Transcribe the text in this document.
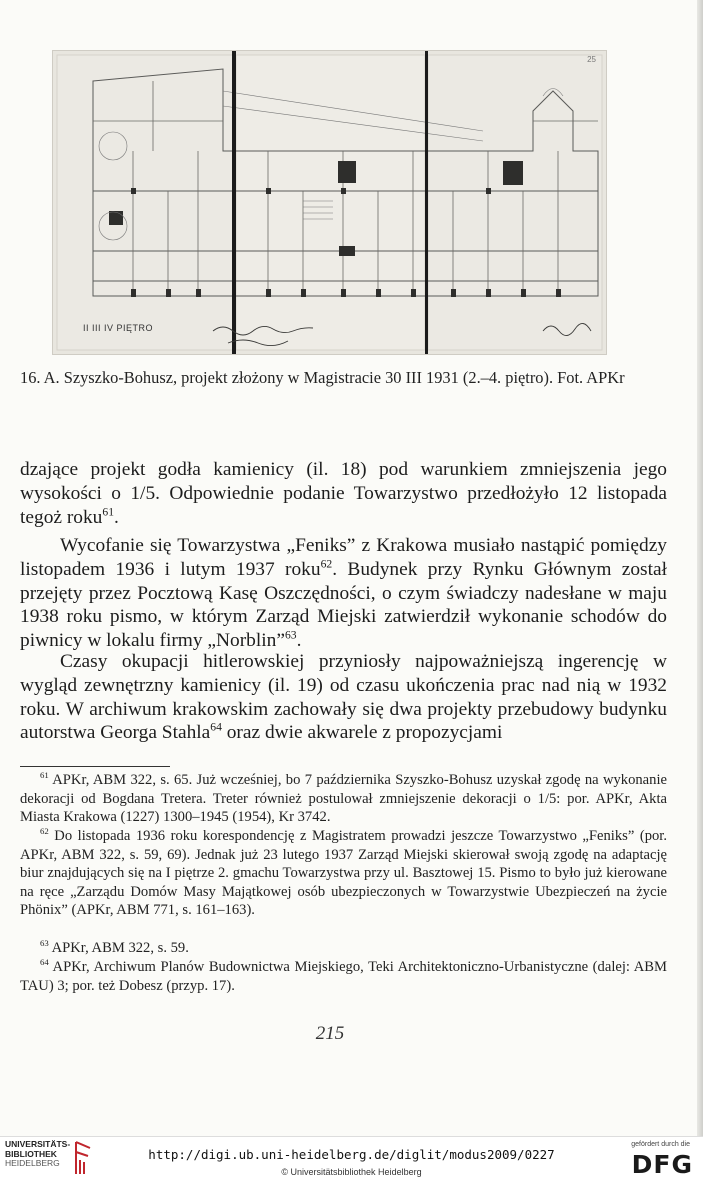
II III IV PIĘTRO
25

16. A. Szyszko-Bohusz, projekt złożony w Magistracie 30 III 1931 (2.–4. piętro). Fot. APKr

dzające projekt godła kamienicy (il. 18) pod warunkiem zmniejszenia jego wysokości o 1/5. Odpowiednie podanie Towarzystwo przedłożyło 12 listopada tegoż roku$^{61}$.

Wycofanie się Towarzystwa „Feniks” z Krakowa musiało nastąpić pomiędzy listopadem 1936 i lutym 1937 roku$^{62}$. Budynek przy Rynku Głównym został przejęty przez Pocztową Kasę Oszczędności, o czym świadczy nadesłane w maju 1938 roku pismo, w którym Zarząd Miejski zatwierdził wykonanie schodów do piwnicy w lokalu firmy „Norblin”$^{63}$.

Czasy okupacji hitlerowskiej przyniosły najpoważniejszą ingerencję w wygląd zewnętrzny kamienicy (il. 19) od czasu ukończenia prac nad nią w 1932 roku. W archiwum krakowskim zachowały się dwa projekty przebudowy budynku autorstwa Georga Stahla$^{64}$ oraz dwie akwarele z propozycjami

$^{61}$ APKr, ABM 322, s. 65. Już wcześniej, bo 7 października Szyszko-Bohusz uzyskał zgodę na wykonanie dekoracji od Bogdana Tretera. Treter również postulował zmniejszenie dekoracji o 1/5: por. APKr, Akta Miasta Krakowa (1227) 1300–1945 (1954), Kr 3742.

$^{62}$ Do listopada 1936 roku korespondencję z Magistratem prowadzi jeszcze Towarzystwo „Feniks” (por. APKr, ABM 322, s. 59, 69). Jednak już 23 lutego 1937 Zarząd Miejski skierował swoją zgodę na adaptację biur znajdujących się na I piętrze 2. gmachu Towarzystwa przy ul. Basztowej 15. Pismo to było już kierowane na ręce „Zarządu Domów Masy Majątkowej osób ubezpieczonych w Towarzystwie Ubezpieczeń na życie Phönix” (APKr, ABM 771, s. 161–163).

$^{63}$ APKr, ABM 322, s. 59.

$^{64}$ APKr, Archiwum Planów Budownictwa Miejskiego, Teki Architektoniczno-Urbanistyczne (dalej: ABM TAU) 3; por. też Dobesz (przyp. 17).

215
UNIVERSITÄTS-
BIBLIOTHEK
HEIDELBERG
http://digi.ub.uni-heidelberg.de/diglit/modus2009/0227
© Universitätsbibliothek Heidelberg
gefördert durch die
DFG
